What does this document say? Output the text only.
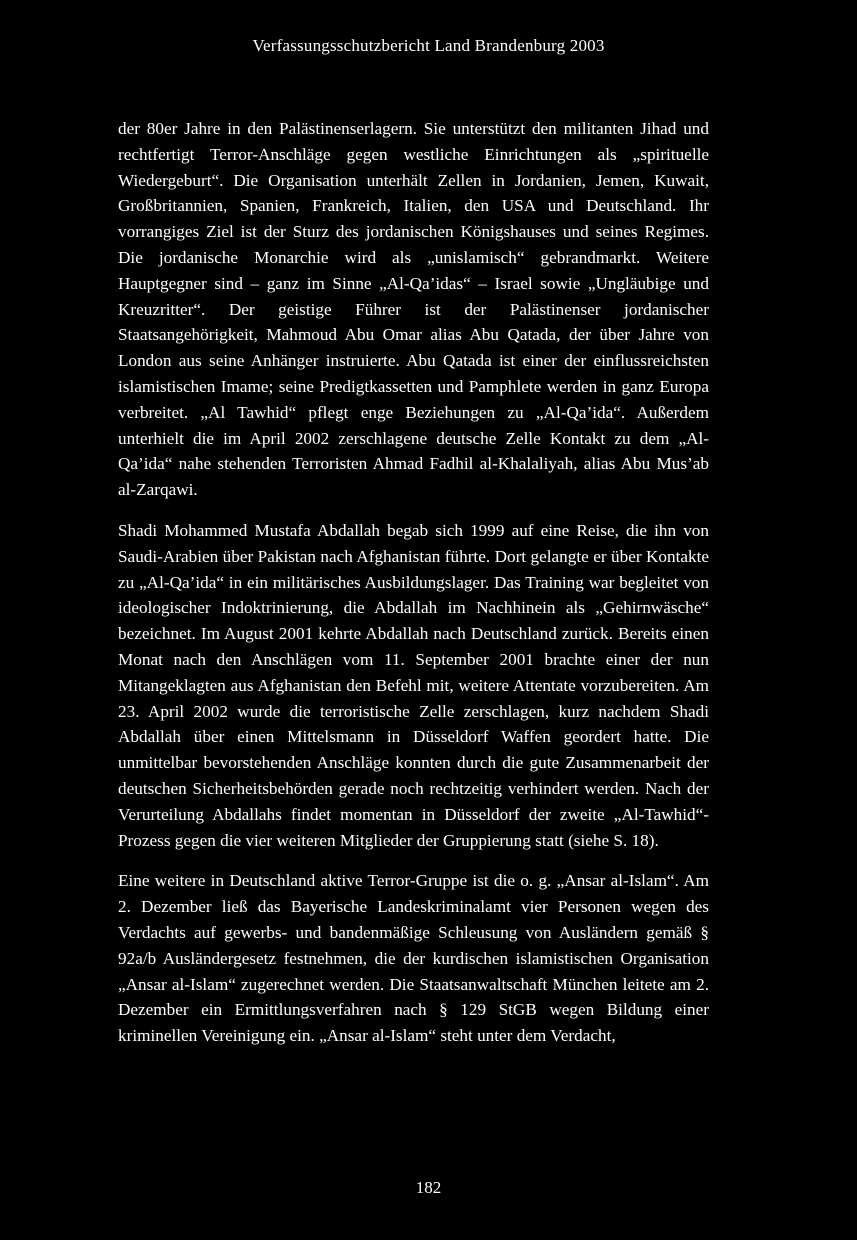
Verfassungsschutzbericht Land Brandenburg 2003

der 80er Jahre in den Palästinenserlagern. Sie unterstützt den militanten Jihad und rechtfertigt Terror-Anschläge gegen westliche Einrichtungen als „spirituelle Wiedergeburt“. Die Organisation unterhält Zellen in Jordanien, Jemen, Kuwait, Großbritannien, Spanien, Frankreich, Italien, den USA und Deutschland. Ihr vorrangiges Ziel ist der Sturz des jordanischen Königshauses und seines Regimes. Die jordanische Monarchie wird als „unislamisch“ gebrandmarkt. Weitere Hauptgegner sind – ganz im Sinne „Al-Qa’idas“ – Israel sowie „Ungläubige und Kreuzritter“. Der geistige Führer ist der Palästinenser jordanischer Staatsangehörigkeit, Mahmoud Abu Omar alias Abu Qatada, der über Jahre von London aus seine Anhänger instruierte. Abu Qatada ist einer der einflussreichsten islamistischen Imame; seine Predigtkassetten und Pamphlete werden in ganz Europa verbreitet. „Al Tawhid“ pflegt enge Beziehungen zu „Al-Qa’ida“. Außerdem unterhielt die im April 2002 zerschlagene deutsche Zelle Kontakt zu dem „Al-Qa’ida“ nahe stehenden Terroristen Ahmad Fadhil al-Khalaliyah, alias Abu Mus’ab al-Zarqawi.

Shadi Mohammed Mustafa Abdallah begab sich 1999 auf eine Reise, die ihn von Saudi-Arabien über Pakistan nach Afghanistan führte. Dort gelangte er über Kontakte zu „Al-Qa’ida“ in ein militärisches Ausbildungslager. Das Training war begleitet von ideologischer Indoktrinierung, die Abdallah im Nachhinein als „Gehirnwäsche“ bezeichnet. Im August 2001 kehrte Abdallah nach Deutschland zurück. Bereits einen Monat nach den Anschlägen vom 11. September 2001 brachte einer der nun Mitangeklagten aus Afghanistan den Befehl mit, weitere Attentate vorzubereiten. Am 23. April 2002 wurde die terroristische Zelle zerschlagen, kurz nachdem Shadi Abdallah über einen Mittelsmann in Düsseldorf Waffen geordert hatte. Die unmittelbar bevorstehenden Anschläge konnten durch die gute Zusammenarbeit der deutschen Sicherheitsbehörden gerade noch rechtzeitig verhindert werden. Nach der Verurteilung Abdallahs findet momentan in Düsseldorf der zweite „Al-Tawhid“-Prozess gegen die vier weiteren Mitglieder der Gruppierung statt (siehe S. 18).

Eine weitere in Deutschland aktive Terror-Gruppe ist die o. g. „Ansar al-Islam“. Am 2. Dezember ließ das Bayerische Landeskriminalamt vier Personen wegen des Verdachts auf gewerbs- und bandenmäßige Schleusung von Ausländern gemäß § 92a/b Ausländergesetz festnehmen, die der kurdischen islamistischen Organisation „Ansar al-Islam“ zugerechnet werden. Die Staatsanwaltschaft München leitete am 2. Dezember ein Ermittlungsverfahren nach § 129 StGB wegen Bildung einer kriminellen Vereinigung ein. „Ansar al-Islam“ steht unter dem Verdacht,

182
